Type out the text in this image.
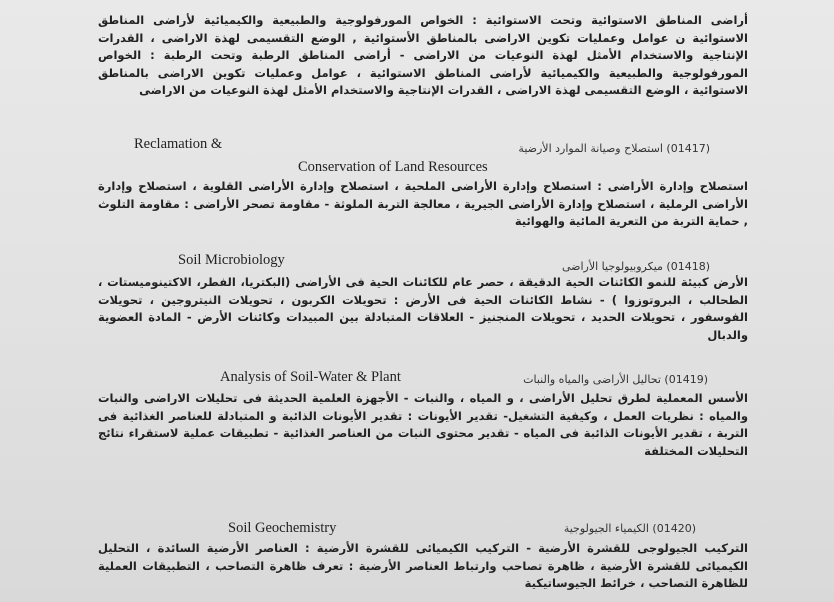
أراضى المناطق الاستوائية وتحت الاستوائية : الخواص المورفولوجية والطبيعية والكيميائية لأراضى المناطق الاستوائية ن عوامل وعمليات تكوين الاراضى بالمناطق الأستوائية , الوضع التقسيمى لهذة الاراضى ، القدرات الإنتاجية والاستخدام الأمثل لهذة النوعيات من الاراضى - أراضى المناطق الرطبة وتحت الرطبة : الخواص المورفولوجية والطبيعية والكيميائية لأراضى المناطق الاستوائية ، عوامل وعمليات تكوين الاراضى بالمناطق الاستوائية ، الوضع التقسيمى لهذة الاراضى ، القدرات الإنتاجية والاستخدام الأمثل لهذة النوعيات من الاراضى
Reclamation &	(01417) استصلاح وصيانة الموارد الأرضية
Conservation of Land Resources
استصلاح وإدارة الأراضى : استصلاح وإدارة الأراضى الملحية ، استصلاح وإدارة الأراضى القلوية ، استصلاح وإدارة الأراضى الرملية ، استصلاح وإدارة الأراضى الجيرية ، معالجة التربة الملوثة - مقاومة تصحر الأراضى : مقاومة التلوث , حماية التربة من التعرية المائية والهوائية
Soil Microbiology	(01418) ميكروبيولوجيا الأراضى
الأرض كبيئة للنمو الكائنات الحية الدقيقة ، حصر عام للكائنات الحية فى الأراضى (البكتريا، الفطر، الاكتينوميستات ، الطحالب ، البروتوزوا ) - نشاط الكائنات الحية فى الأرض : تحويلات الكربون ، تحويلات النيتروجين ، تحويلات الفوسفور ، تحويلات الحديد ، تحويلات المنجنيز - العلاقات المتبادلة بين المبيدات وكائنات الأرض - المادة العضوية والدبال
Analysis of Soil-Water & Plant	(01419) تحاليل الأراضى والمياه والنبات
الأسس المعملية لطرق تحليل الأراضى ، و المياه ، والنبات - الأجهزة العلمية الحديثة فى تحليلات الاراضى والنبات والمياه : نظريات العمل ، وكيفية التشغيل- تقدير الأيونات : تقدير الأيونات الذائبة و المتبادلة للعناصر الغذائية فى التربة ، تقدير الأيونات الذائبة فى المياه - تقدير محتوى النبات من العناصر الغذائية - تطبيقات عملية لاستقراء نتائج التحليلات المختلفة
Soil Geochemistry	(01420) الكيمياء الجيولوجية
التركيب الجيولوجى للقشرة الأرضية - التركيب الكيميائى للقشرة الأرضية : العناصر الأرضية السائدة ، التحليل الكيميائى للقشرة الأرضية ، ظاهرة تصاحب وارتباط العناصر الأرضية : تعرف ظاهرة التصاحب ، التطبيقات العملية للظاهرة التصاحب ، خرائط الجيوساتيكية
